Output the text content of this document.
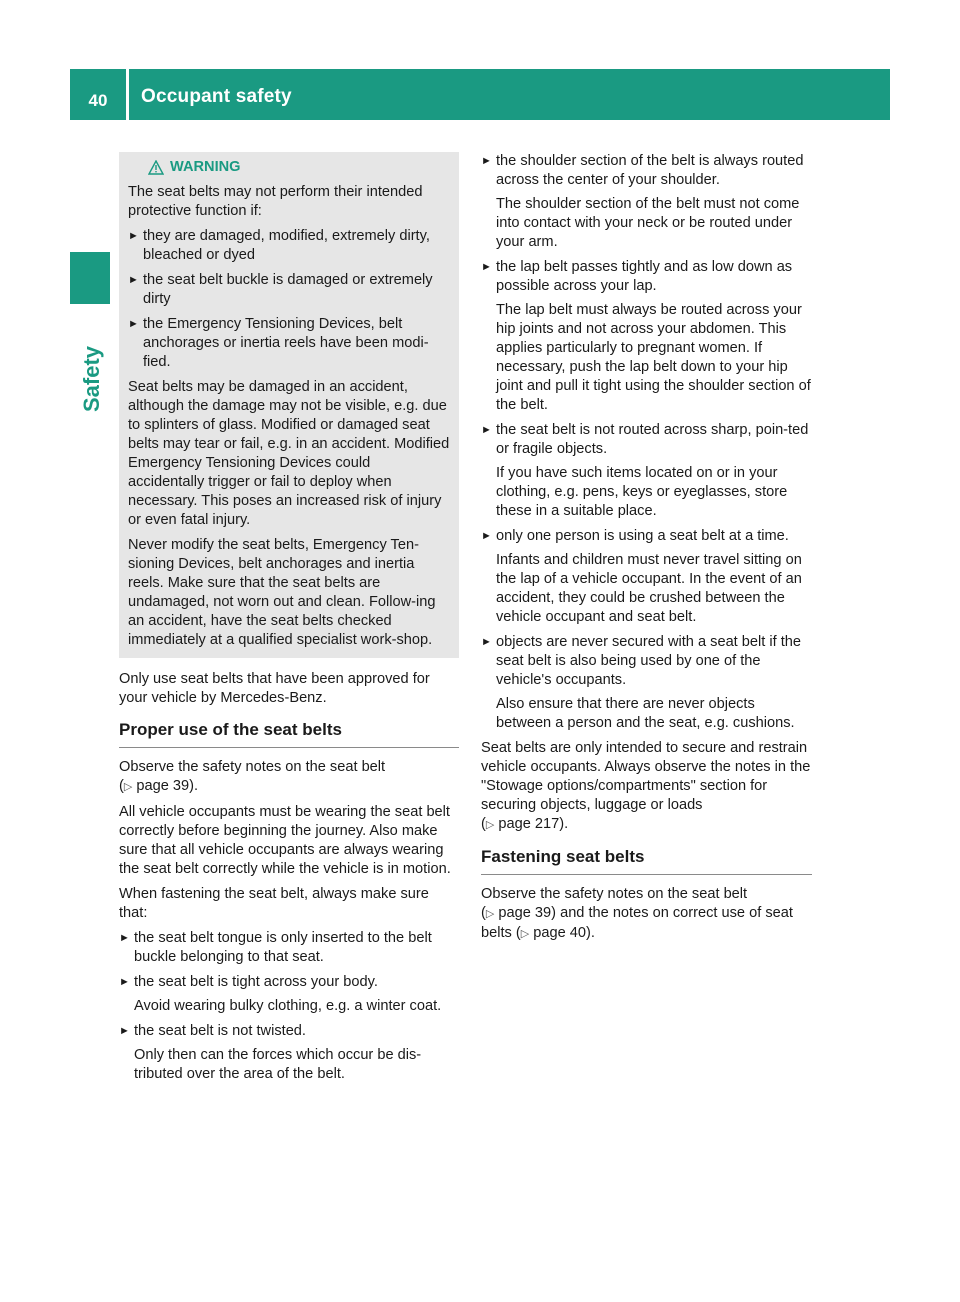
40	Occupant safety
Safety
WARNING

The seat belts may not perform their intended protective function if:

► they are damaged, modified, extremely dirty, bleached or dyed
► the seat belt buckle is damaged or extremely dirty
► the Emergency Tensioning Devices, belt anchorages or inertia reels have been modi-fied.

Seat belts may be damaged in an accident, although the damage may not be visible, e.g. due to splinters of glass. Modified or damaged seat belts may tear or fail, e.g. in an accident. Modified Emergency Tensioning Devices could accidentally trigger or fail to deploy when necessary. This poses an increased risk of injury or even fatal injury.

Never modify the seat belts, Emergency Ten-sioning Devices, belt anchorages and inertia reels. Make sure that the seat belts are undamaged, not worn out and clean. Follow-ing an accident, have the seat belts checked immediately at a qualified specialist work-shop.

Only use seat belts that have been approved for your vehicle by Mercedes-Benz.

Proper use of the seat belts

Observe the safety notes on the seat belt
(▷ page 39).

All vehicle occupants must be wearing the seat belt correctly before beginning the journey. Also make sure that all vehicle occupants are always wearing the seat belt correctly while the vehicle is in motion.

When fastening the seat belt, always make sure that:

► the seat belt tongue is only inserted to the belt buckle belonging to that seat.

► the seat belt is tight across your body.

Avoid wearing bulky clothing, e.g. a winter coat.

► the seat belt is not twisted.

Only then can the forces which occur be dis-tributed over the area of the belt.

► the shoulder section of the belt is always routed across the center of your shoulder.

The shoulder section of the belt must not come into contact with your neck or be routed under your arm.

► the lap belt passes tightly and as low down as possible across your lap.

The lap belt must always be routed across your hip joints and not across your abdomen. This applies particularly to pregnant women. If necessary, push the lap belt down to your hip joint and pull it tight using the shoulder section of the belt.

► the seat belt is not routed across sharp, poin-ted or fragile objects.

If you have such items located on or in your clothing, e.g. pens, keys or eyeglasses, store these in a suitable place.

► only one person is using a seat belt at a time.

Infants and children must never travel sitting on the lap of a vehicle occupant. In the event of an accident, they could be crushed between the vehicle occupant and seat belt.

► objects are never secured with a seat belt if the seat belt is also being used by one of the vehicle's occupants.

Also ensure that there are never objects between a person and the seat, e.g. cushions.

Seat belts are only intended to secure and restrain vehicle occupants. Always observe the notes in the "Stowage options/compartments" section for securing objects, luggage or loads
(▷ page 217).

Fastening seat belts

Observe the safety notes on the seat belt
(▷ page 39) and the notes on correct use of seat belts (▷ page 40).
